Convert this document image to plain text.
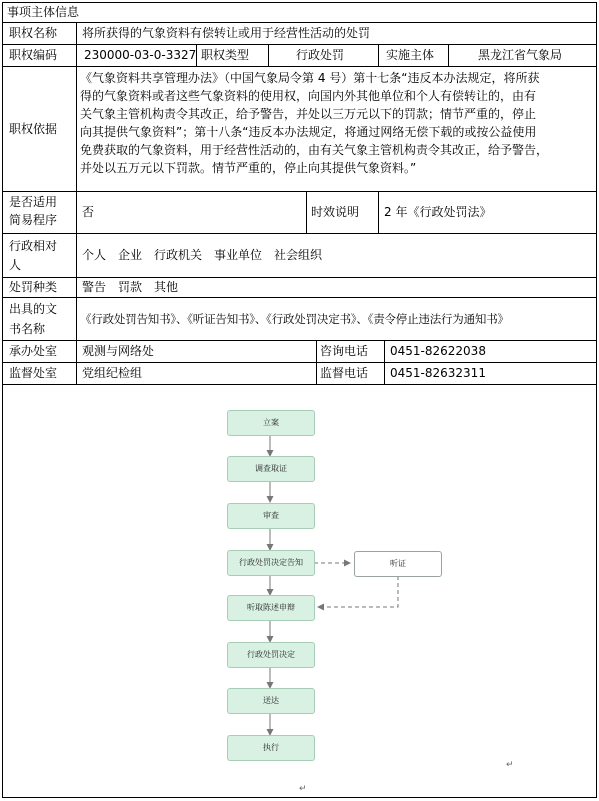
事项主体信息
职权名称 将所获得的气象资料有偿转让或用于经营性活动的处罚
职权编码 230000-03-0-3327 职权类型	行政处罚	实施主体	黑龙江省气象局
职权依据
《气象资料共享管理办法》（中国气象局令第 4 号）第十七条“违反本办法规定，将所获
得的气象资料或者这些气象资料的使用权，向国内外其他单位和个人有偿转让的，由有
关气象主管机构责令其改正，给予警告，并处以三万元以下的罚款；情节严重的，停止
向其提供气象资料”；第十八条“违反本办法规定，将通过网络无偿下载的或按公益使用
免费获取的气象资料，用于经营性活动的，由有关气象主管机构责令其改正，给予警告，
并处以五万元以下罚款。情节严重的，停止向其提供气象资料。”
是否适用
简易程序
否	时效说明 2 年《行政处罚法》
行政相对
人
个人　企业　行政机关　事业单位　社会组织
处罚种类 警告　罚款　其他
出具的文
书名称
《行政处罚告知书》、《听证告知书》、《行政处罚决定书》、《责令停止违法行为通知书》
承办处室 观测与网络处	咨询电话 0451-82622038
监督处室 党组纪检组	监督电话 0451-82632311
立案
调查取证
审查
行政处罚决定告知
听取陈述申辩
行政处罚决定
送达
执行
听证
↵
↵
